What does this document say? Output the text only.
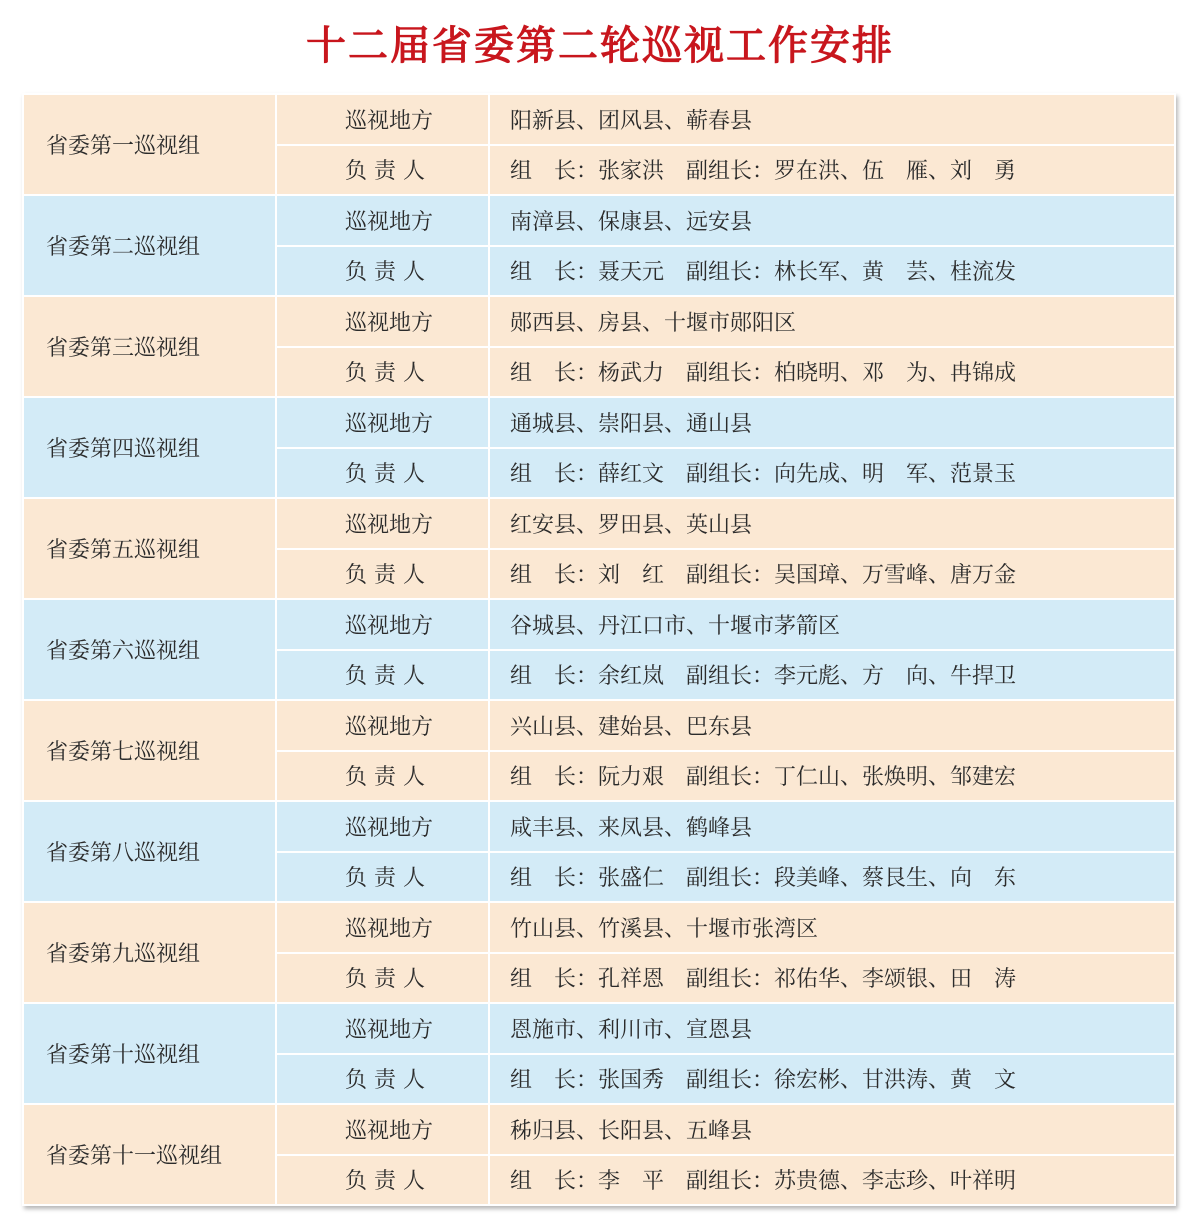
十二届省委第二轮巡视工作安排
省委第一巡视组	巡视地方	阳新县、团风县、蕲春县
	负 责 人	组　长：张家洪　副组长：罗在洪、伍　雁、刘　勇
省委第二巡视组	巡视地方	南漳县、保康县、远安县
	负 责 人	组　长：聂天元　副组长：林长军、黄　芸、桂流发
省委第三巡视组	巡视地方	郧西县、房县、十堰市郧阳区
	负 责 人	组　长：杨武力　副组长：柏晓明、邓　为、冉锦成
省委第四巡视组	巡视地方	通城县、崇阳县、通山县
	负 责 人	组　长：薛红文　副组长：向先成、明　军、范景玉
省委第五巡视组	巡视地方	红安县、罗田县、英山县
	负 责 人	组　长：刘　红　副组长：吴国璋、万雪峰、唐万金
省委第六巡视组	巡视地方	谷城县、丹江口市、十堰市茅箭区
	负 责 人	组　长：余红岚　副组长：李元彪、方　向、牛捍卫
省委第七巡视组	巡视地方	兴山县、建始县、巴东县
	负 责 人	组　长：阮力艰　副组长：丁仁山、张焕明、邹建宏
省委第八巡视组	巡视地方	咸丰县、来凤县、鹤峰县
	负 责 人	组　长：张盛仁　副组长：段美峰、蔡艮生、向　东
省委第九巡视组	巡视地方	竹山县、竹溪县、十堰市张湾区
	负 责 人	组　长：孔祥恩　副组长：祁佑华、李颂银、田　涛
省委第十巡视组	巡视地方	恩施市、利川市、宣恩县
	负 责 人	组　长：张国秀　副组长：徐宏彬、甘洪涛、黄　文
省委第十一巡视组	巡视地方	秭归县、长阳县、五峰县
	负 责 人	组　长：李　平　副组长：苏贵德、李志珍、叶祥明
